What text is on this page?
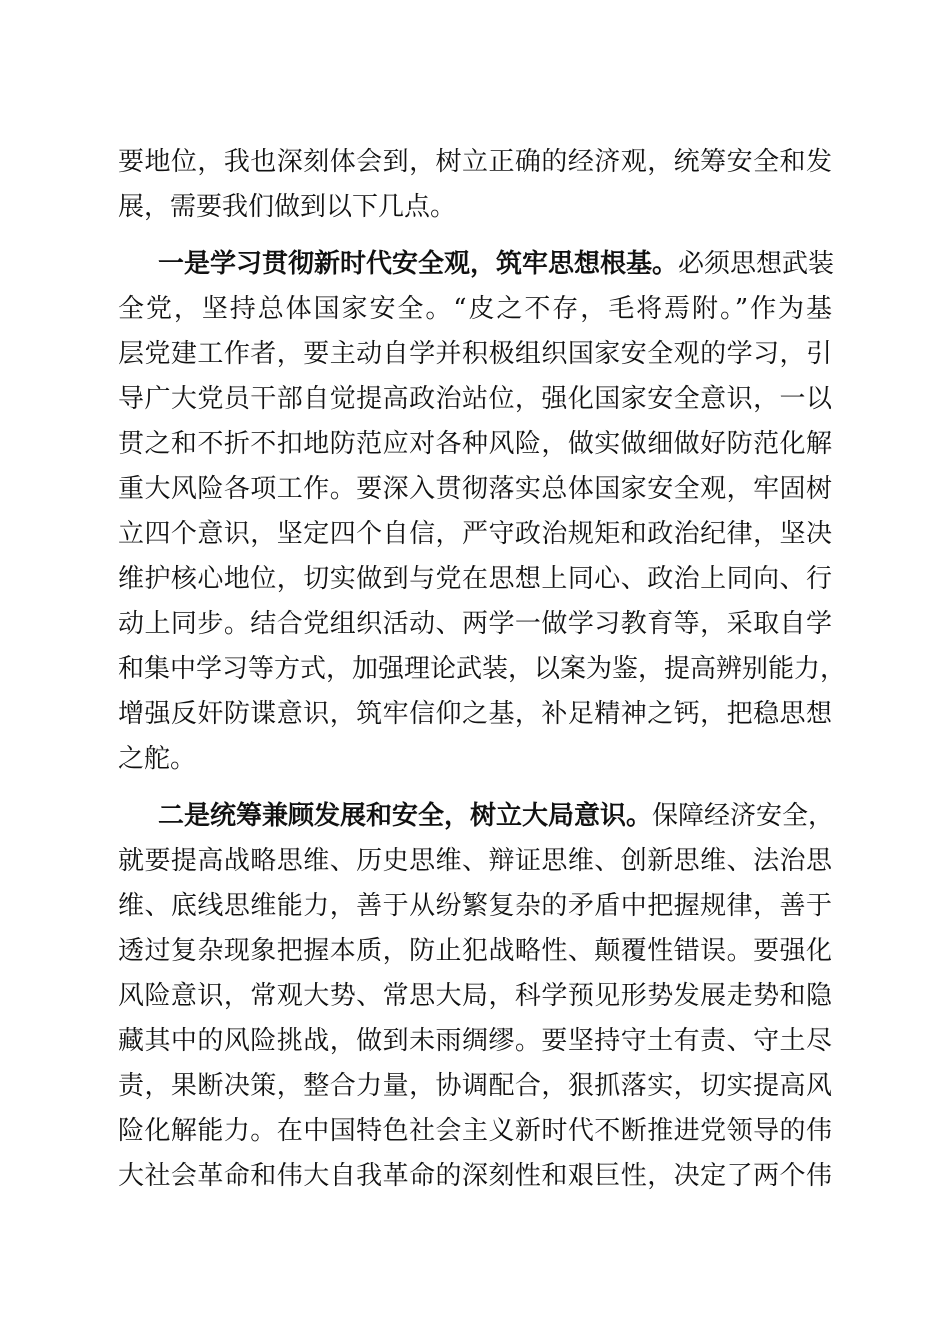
要地位，我也深刻体会到，树立正确的经济观，统筹安全和发
展，需要我们做到以下几点。
一是学习贯彻新时代安全观，筑牢思想根基。必须思想武装
全党，坚持总体国家安全。“皮之不存，毛将焉附。”作为基
层党建工作者，要主动自学并积极组织国家安全观的学习，引
导广大党员干部自觉提高政治站位，强化国家安全意识，一以
贯之和不折不扣地防范应对各种风险，做实做细做好防范化解
重大风险各项工作。要深入贯彻落实总体国家安全观，牢固树
立四个意识，坚定四个自信，严守政治规矩和政治纪律，坚决
维护核心地位，切实做到与党在思想上同心、政治上同向、行
动上同步。结合党组织活动、两学一做学习教育等，采取自学
和集中学习等方式，加强理论武装，以案为鉴，提高辨别能力，
增强反奸防谍意识，筑牢信仰之基，补足精神之钙，把稳思想
之舵。
二是统筹兼顾发展和安全，树立大局意识。保障经济安全，
就要提高战略思维、历史思维、辩证思维、创新思维、法治思
维、底线思维能力，善于从纷繁复杂的矛盾中把握规律，善于
透过复杂现象把握本质，防止犯战略性、颠覆性错误。要强化
风险意识，常观大势、常思大局，科学预见形势发展走势和隐
藏其中的风险挑战，做到未雨绸缪。要坚持守土有责、守土尽
责，果断决策，整合力量，协调配合，狠抓落实，切实提高风
险化解能力。在中国特色社会主义新时代不断推进党领导的伟
大社会革命和伟大自我革命的深刻性和艰巨性，决定了两个伟
